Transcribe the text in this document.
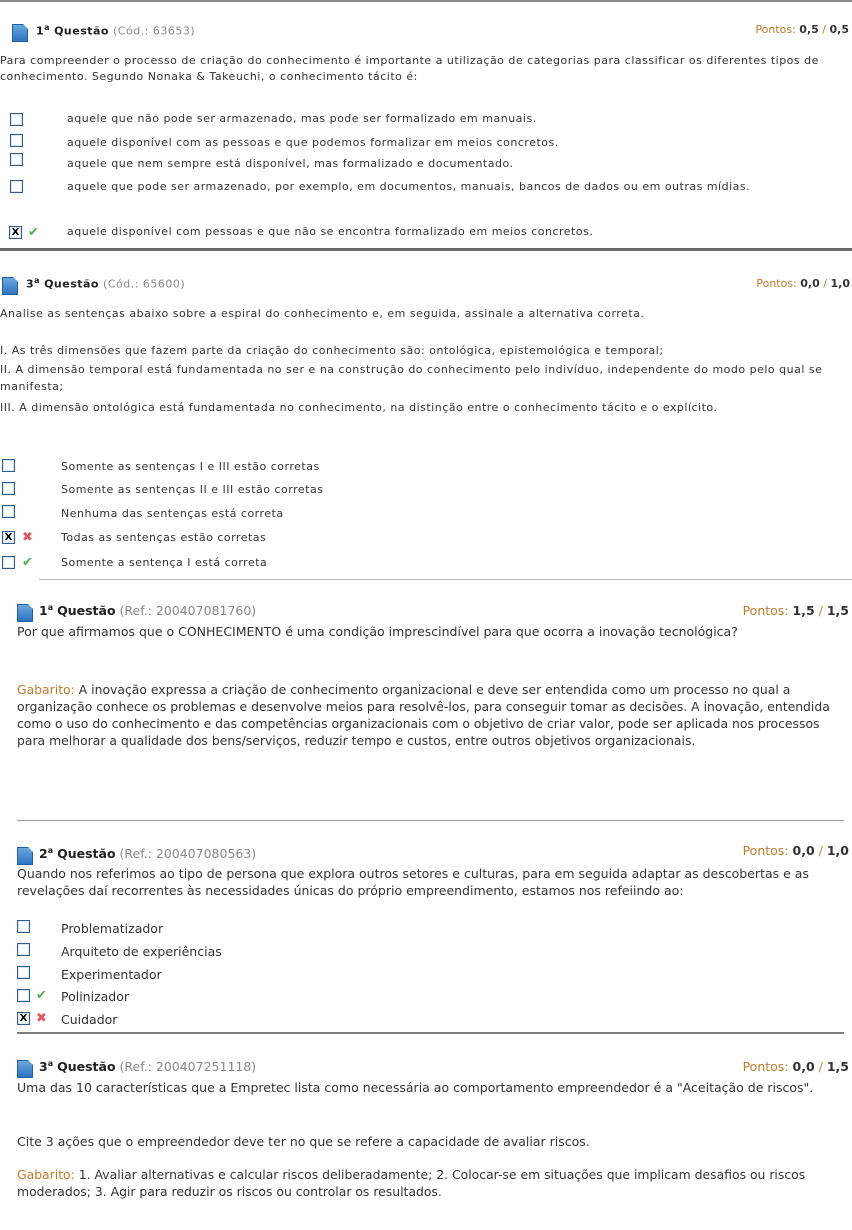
1$^a$ Questão (Cód.: 63653)	Pontos: 0,5 / 0,5
Para compreender o processo de criação do conhecimento é importante a utilização de categorias para classificar os diferentes tipos de conhecimento. Segundo Nonaka & Takeuchi, o conhecimento tácito é:
aquele que não pode ser armazenado, mas pode ser formalizado em manuais.
aquele disponível com as pessoas e que podemos formalizar em meios concretos.
aquele que nem sempre está disponível, mas formalizado e documentado.
aquele que pode ser armazenado, por exemplo, em documentos, manuais, bancos de dados ou em outras mídias.
X ✔	aquele disponível com pessoas e que não se encontra formalizado em meios concretos.
3$^a$ Questão (Cód.: 65600)	Pontos: 0,0 / 1,0
Analise as sentenças abaixo sobre a espiral do conhecimento e, em seguida, assinale a alternativa correta.
I. As três dimensões que fazem parte da criação do conhecimento são: ontológica, epistemológica e temporal;
II. A dimensão temporal está fundamentada no ser e na construção do conhecimento pelo indivíduo, independente do modo pelo qual se manifesta;
III. A dimensão ontológica está fundamentada no conhecimento, na distinção entre o conhecimento tácito e o explícito.
Somente as sentenças I e III estão corretas
Somente as sentenças II e III estão corretas
Nenhuma das sentenças está correta
X ✖	Todas as sentenças estão corretas
✔	Somente a sentença I está correta
1$^a$ Questão (Ref.: 200407081760)	Pontos: 1,5 / 1,5
Por que afirmamos que o CONHECIMENTO é uma condição imprescindível para que ocorra a inovação tecnológica?
Gabarito: A inovação expressa a criação de conhecimento organizacional e deve ser entendida como um processo no qual a organização conhece os problemas e desenvolve meios para resolvê-los, para conseguir tomar as decisões. A inovação, entendida como o uso do conhecimento e das competências organizacionais com o objetivo de criar valor, pode ser aplicada nos processos para melhorar a qualidade dos bens/serviços, reduzir tempo e custos, entre outros objetivos organizacionais.
2$^a$ Questão (Ref.: 200407080563)	Pontos: 0,0 / 1,0
Quando nos referimos ao tipo de persona que explora outros setores e culturas, para em seguida adaptar as descobertas e as revelações daí recorrentes às necessidades únicas do próprio empreendimento, estamos nos refeiindo ao:
Problematizador
Arquiteto de experiências
Experimentador
✔ Polinizador
X ✖ Cuidador
3$^a$ Questão (Ref.: 200407251118)	Pontos: 0,0 / 1,5
Uma das 10 características que a Empretec lista como necessária ao comportamento empreendedor é a "Aceitação de riscos".
Cite 3 ações que o empreendedor deve ter no que se refere a capacidade de avaliar riscos.
Gabarito: 1. Avaliar alternativas e calcular riscos deliberadamente; 2. Colocar-se em situações que implicam desafios ou riscos moderados; 3. Agir para reduzir os riscos ou controlar os resultados.
